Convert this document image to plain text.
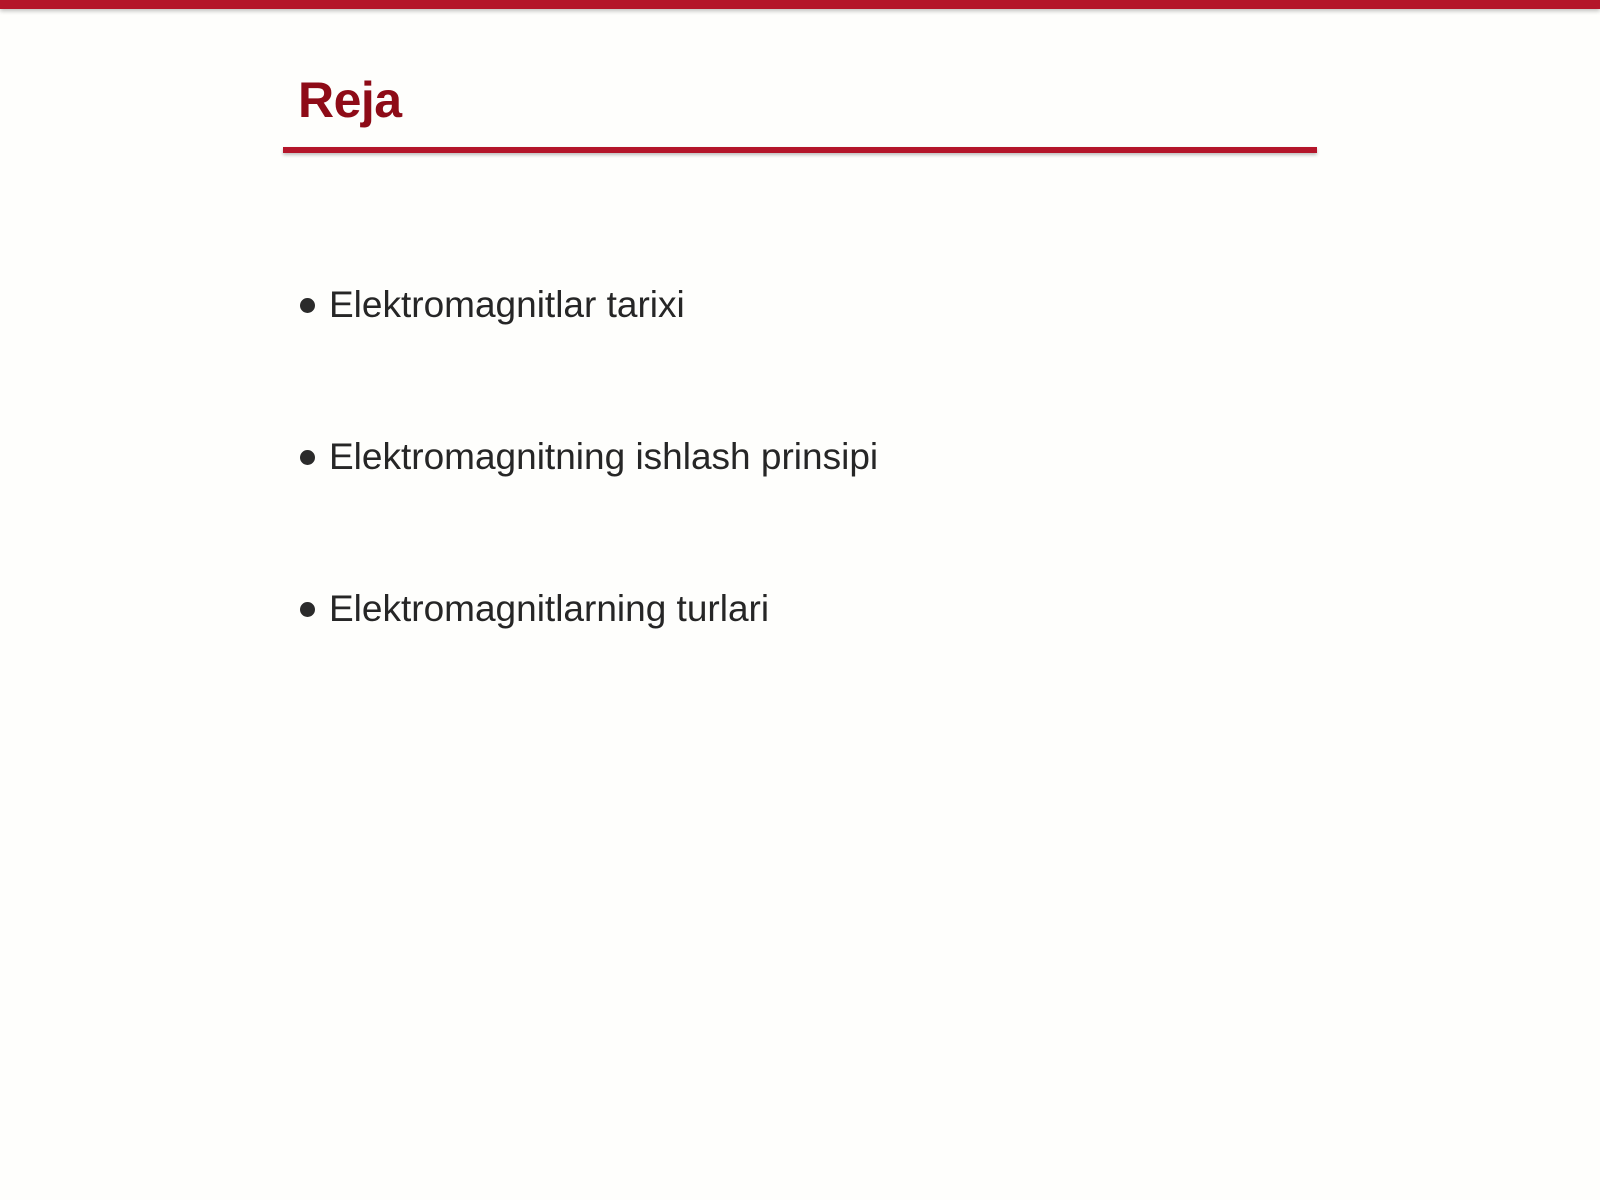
Reja
Elektromagnitlar tarixi
Elektromagnitning ishlash prinsipi
Elektromagnitlarning turlari
